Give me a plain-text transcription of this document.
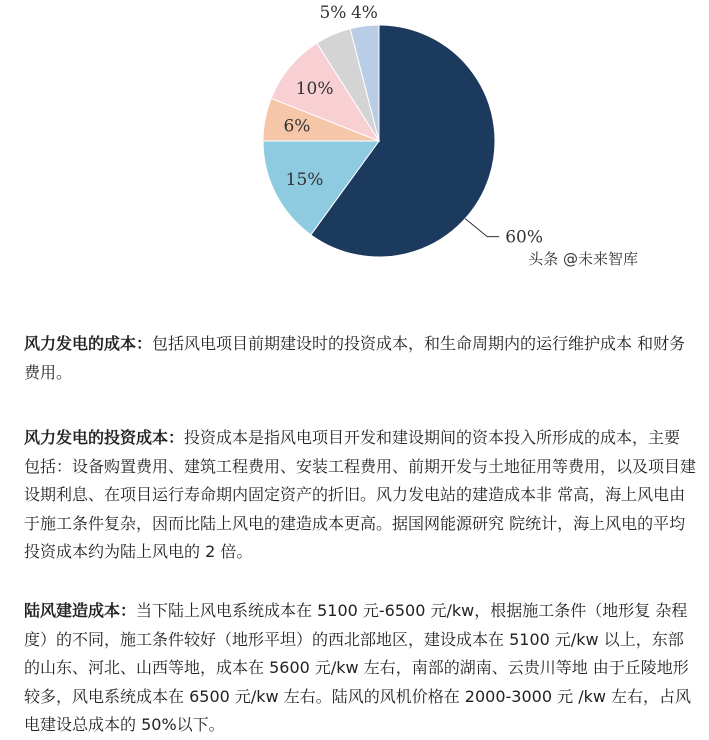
60%
15%
6%
10%
5% 4%
头条 @未来智库

风力发电的成本：包括风电项目前期建设时的投资成本，和生命周期内的运行维护成本 和财务费用。

风力发电的投资成本：投资成本是指风电项目开发和建设期间的资本投入所形成的成本，主要包括：设备购置费用、建筑工程费用、安装工程费用、前期开发与土地征用等费用，以及项目建设期利息、在项目运行寿命期内固定资产的折旧。风力发电站的建造成本非 常高，海上风电由于施工条件复杂，因而比陆上风电的建造成本更高。据国网能源研究 院统计，海上风电的平均投资成本约为陆上风电的 2 倍。

陆风建造成本：当下陆上风电系统成本在 5100 元-6500 元/kw，根据施工条件（地形复 杂程度）的不同，施工条件较好（地形平坦）的西北部地区，建设成本在 5100 元/kw 以上，东部的山东、河北、山西等地，成本在 5600 元/kw 左右，南部的湖南、云贵川等地 由于丘陵地形较多，风电系统成本在 6500 元/kw 左右。陆风的风机价格在 2000-3000 元 /kw 左右，占风电建设总成本的 50%以下。
